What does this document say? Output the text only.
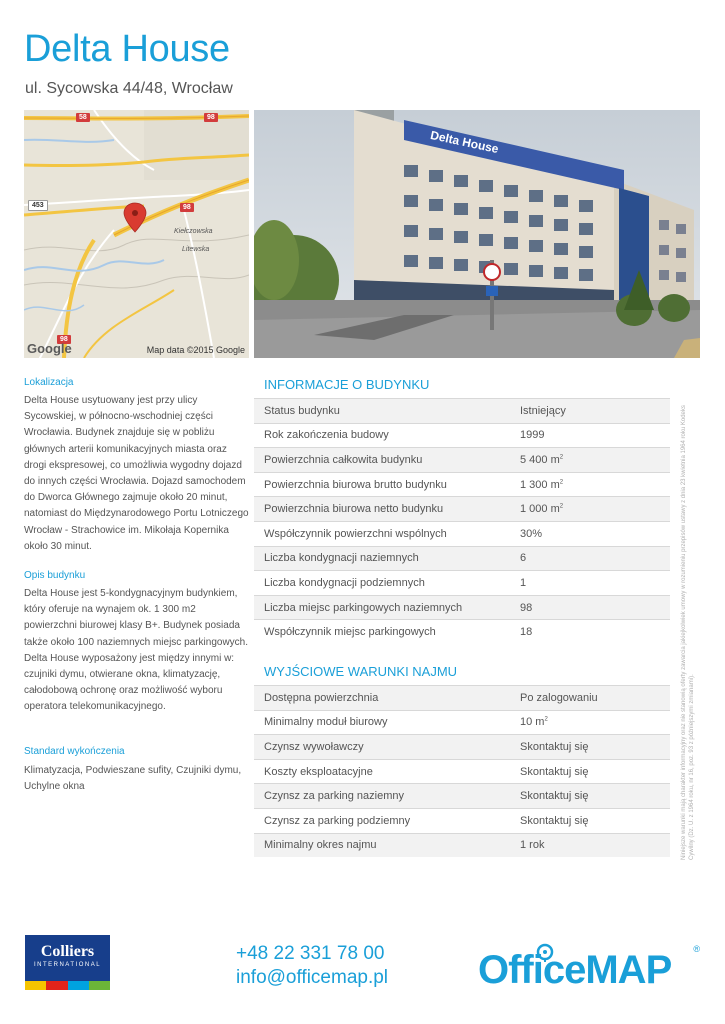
Delta House
ul. Sycowska 44/48, Wrocław
58	98
453	98
98
Kiełczowska
Litewska
Google	Map data ©2015 Google
Delta House
Lokalizacja
Delta House usytuowany jest przy ulicy Sycowskiej, w północno-wschodniej części Wrocławia. Budynek znajduje się w pobliżu głównych arterii komunikacyjnych miasta oraz drogi ekspresowej, co umożliwia wygodny dojazd do innych części Wrocławia. Dojazd samochodem do Dworca Głównego zajmuje około 20 minut, natomiast do Międzynarodowego Portu Lotniczego Wrocław - Strachowice im. Mikołaja Kopernika około 30 minut.
Opis budynku
Delta House jest 5-kondygnacyjnym budynkiem, który oferuje na wynajem ok. 1 300 m2 powierzchni biurowej klasy B+. Budynek posiada także około 100 naziemnych miejsc parkingowych. Delta House wyposażony jest między innymi w: czujniki dymu, otwierane okna, klimatyzację, całodobową ochronę oraz możliwość wyboru operatora telekomunikacyjnego.
Standard wykończenia
Klimatyzacja, Podwieszane sufity, Czujniki dymu, Uchylne okna
INFORMACJE O BUDYNKU
Status budynku	Istniejący
Rok zakończenia budowy	1999
Powierzchnia całkowita budynku	5 400 $m^2$
Powierzchnia biurowa brutto budynku	1 300 $m^2$
Powierzchnia biurowa netto budynku	1 000 $m^2$
Współczynnik powierzchni wspólnych	30%
Liczba kondygnacji naziemnych	6
Liczba kondygnacji podziemnych	1
Liczba miejsc parkingowych naziemnych	98
Współczynnik miejsc parkingowych	18
WYJŚCIOWE WARUNKI NAJMU
Dostępna powierzchnia	Po zalogowaniu
Minimalny moduł biurowy	10 $m^2$
Czynsz wywoławczy	Skontaktuj się
Koszty eksploatacyjne	Skontaktuj się
Czynsz za parking naziemny	Skontaktuj się
Czynsz za parking podziemny	Skontaktuj się
Minimalny okres najmu	1 rok	Niniejsze warunki mają charakter informacyjny oraz nie stanowią oferty zawarcia jakiejkolwiek umowy w rozumieniu przepisów ustawy z dnia 23 kwietnia 1964 roku Kodeks Cywilny (Dz. U. z 1964 roku, nr 16, poz. 93 z późniejszymi zmianami).
Colliers
INTERNATIONAL
+48 22 331 78 00
info@officemap.pl OfficeMAP ®
